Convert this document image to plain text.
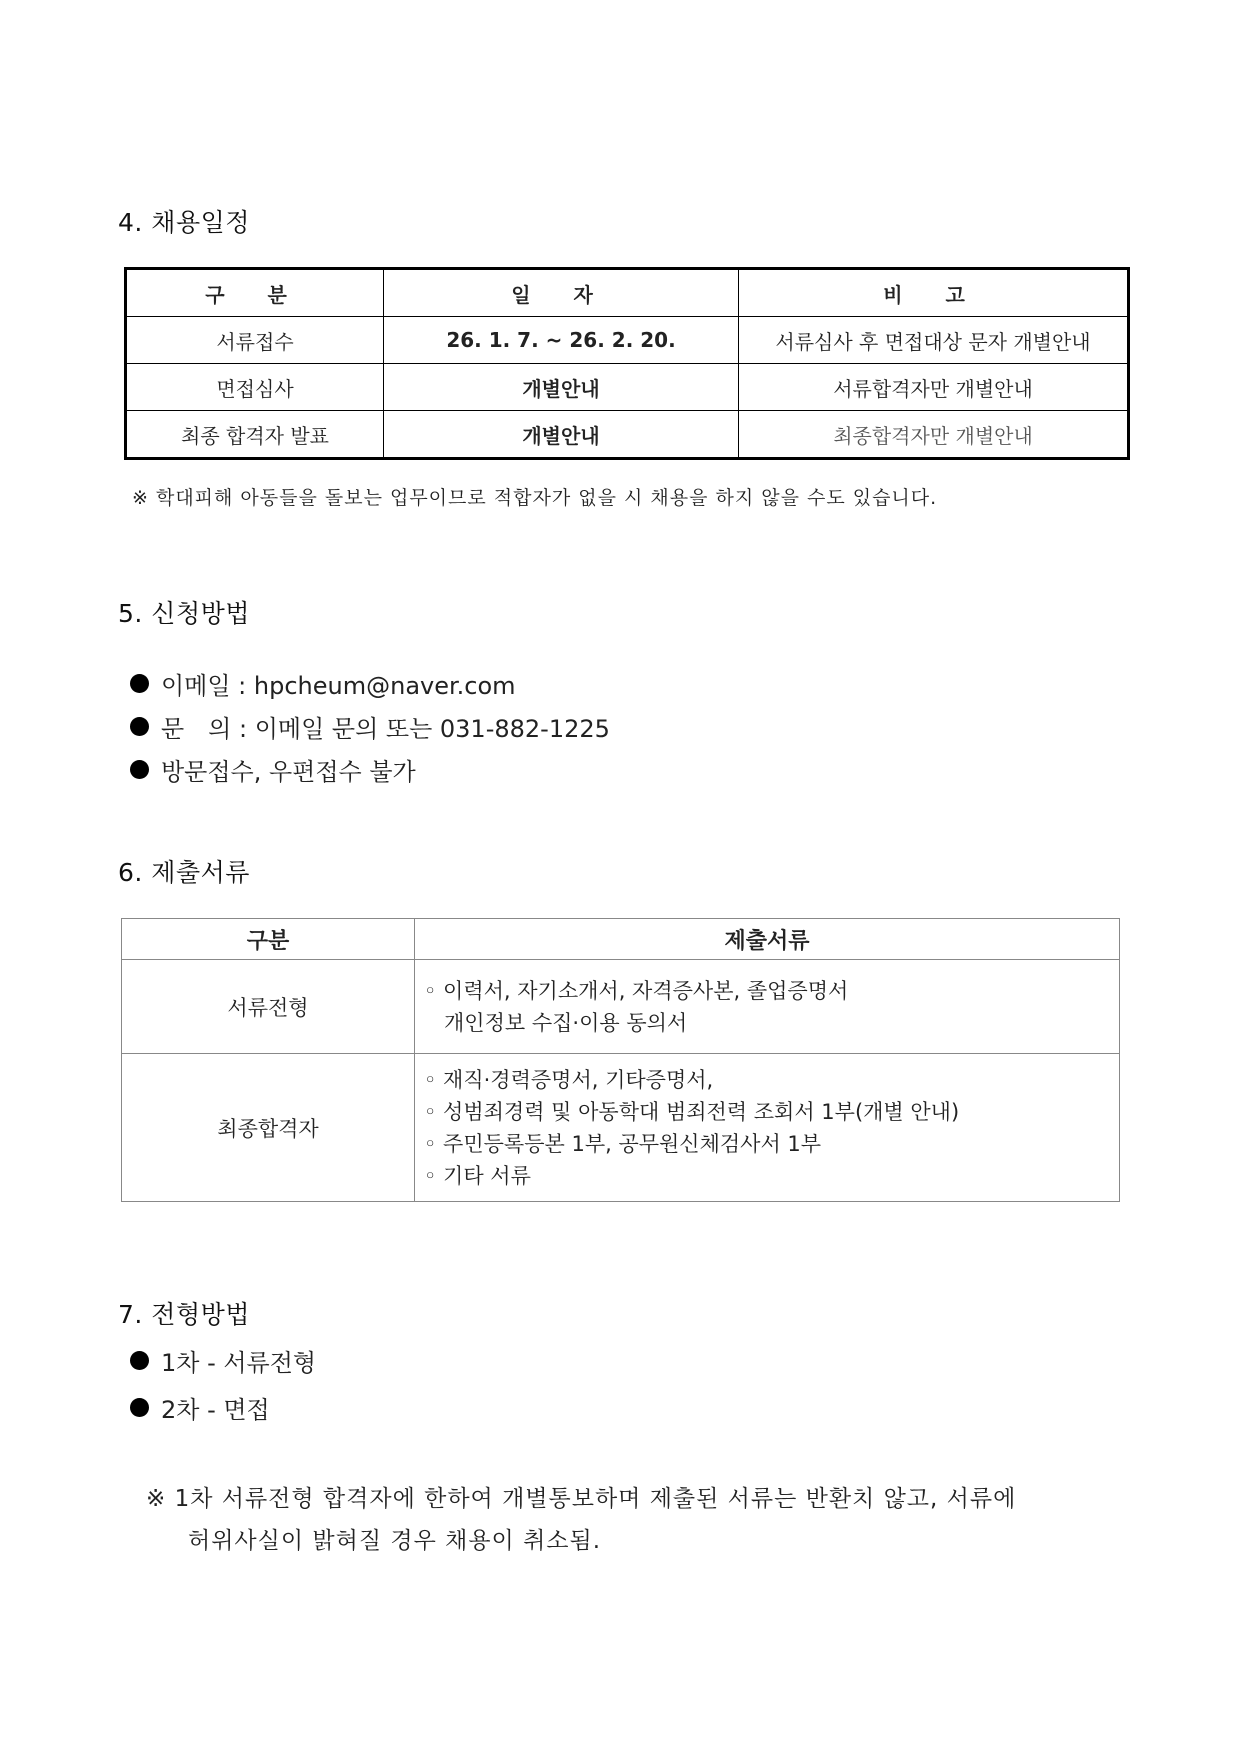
4. 채용일정
구 분	일 자	비 고
서류접수	26. 1. 7. ~ 26. 2. 20.	서류심사 후 면접대상 문자 개별안내
면접심사	개별안내	서류합격자만 개별안내
최종 합격자 발표	개별안내	최종합격자만 개별안내
※ 학대피해 아동들을 돌보는 업무이므로 적합자가 없을 시 채용을 하지 않을 수도 있습니다.
5. 신청방법
이메일 : hpcheum@naver.com
문　의 : 이메일 문의 또는 031-882-1225
방문접수, 우편접수 불가
6. 제출서류
구분	제출서류
서류전형	◦ 이력서, 자기소개서, 자격증사본, 졸업증명서
개인정보 수집·이용 동의서

최종합격자	◦ 재직·경력증명서, 기타증명서,
◦ 성범죄경력 및 아동학대 범죄전력 조회서 1부(개별 안내)
◦ 주민등록등본 1부, 공무원신체검사서 1부
◦ 기타 서류
7. 전형방법
1차 - 서류전형
2차 - 면접
※ 1차 서류전형 합격자에 한하여 개별통보하며 제출된 서류는 반환치 않고, 서류에
허위사실이 밝혀질 경우 채용이 취소됨.
